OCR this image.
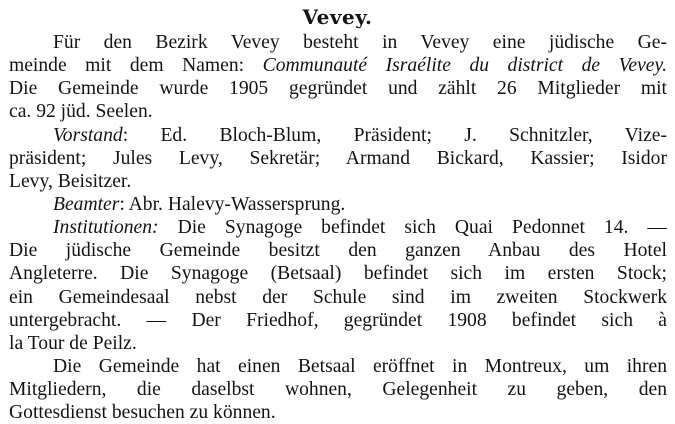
Vevey.
Für den Bezirk Vevey besteht in Vevey eine jüdische Ge-
meinde mit dem Namen: Communauté Israélite du district de Vevey.
Die Gemeinde wurde 1905 gegründet und zählt 26 Mitglieder mit
ca. 92 jüd. Seelen.
Vorstand: Ed. Bloch-Blum, Präsident; J. Schnitzler, Vize-
präsident; Jules Levy, Sekretär; Armand Bickard, Kassier; Isidor
Levy, Beisitzer.
Beamter: Abr. Halevy-Wassersprung.
Institutionen: Die Synagoge befindet sich Quai Pedonnet 14. —
Die jüdische Gemeinde besitzt den ganzen Anbau des Hotel
Angleterre. Die Synagoge (Betsaal) befindet sich im ersten Stock;
ein Gemeindesaal nebst der Schule sind im zweiten Stockwerk
untergebracht. — Der Friedhof, gegründet 1908 befindet sich à
la Tour de Peilz.
Die Gemeinde hat einen Betsaal eröffnet in Montreux, um ihren
Mitgliedern, die daselbst wohnen, Gelegenheit zu geben, den
Gottesdienst besuchen zu können.
